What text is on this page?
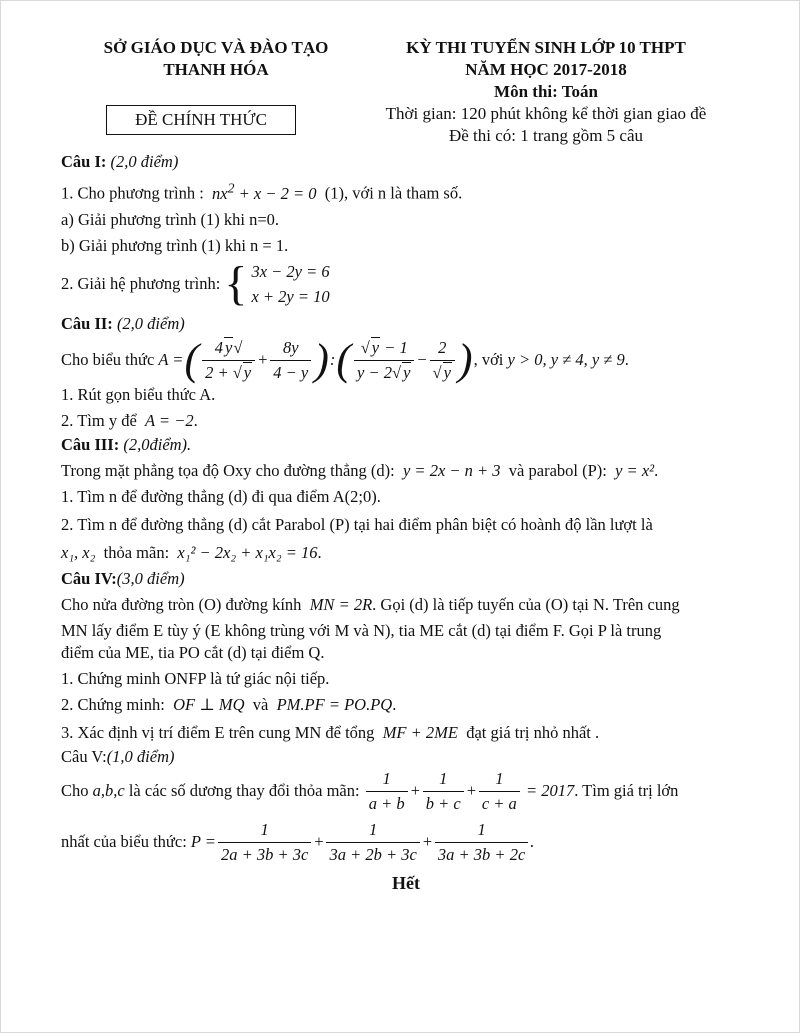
SỞ GIÁO DỤC VÀ ĐÀO TẠO
THANH HÓA
ĐỀ CHÍNH THỨC
KỲ THI TUYỂN SINH LỚP 10 THPT
NĂM HỌC 2017-2018
Môn thi: Toán
Thời gian: 120 phút không kể thời gian giao đề
Đề thi có: 1 trang gồm 5 câu
Câu I: (2,0 điểm)
1. Cho phương trình :  $nx^2 + x - 2 = 0$  (1), với n là tham số.
a) Giải phương trình (1) khi n=0.
b) Giải phương trình (1) khi n = 1.
2. Giải hệ phương trình:
{ 3x − 2y = 6
x + 2y = 10
Câu II: (2,0 điểm)
Cho biểu thức
A = ( $\frac{4 y√}{2 + √ y} + \frac{8y}{4 - y}$ ) : ( $\frac{√ y - 1}{y - 2√ y} - \frac{2}{√ y}$ ) , với
y > 0, y ≠ 4, y ≠ 9 .
1. Rút gọn biểu thức A.
2. Tìm y để A = −2.
Câu III: (2,0điểm).
Trong mặt phẳng tọa độ Oxy cho đường thẳng (d): y = 2x − n + 3 và parabol (P): y = x².
1. Tìm n để đường thẳng (d) đi qua điểm A(2;0).
2. Tìm n để đường thẳng (d) cắt Parabol (P) tại hai điểm phân biệt có hoành độ lần lượt là
x₁, x₂ thỏa mãn: x₁² − 2x₂ + x₁x₂ = 16.
Câu IV:(3,0 điểm)
Cho nửa đường tròn (O) đường kính MN = 2R. Gọi (d) là tiếp tuyến của (O) tại N. Trên cung
MN lấy điểm E tùy ý (E không trùng với M và N), tia ME cắt (d) tại điểm F. Gọi P là trung
điểm của ME, tia PO cắt (d) tại điểm Q.
1. Chứng minh ONFP là tứ giác nội tiếp.
2. Chứng minh: OF ⊥ MQ và PM.PF = PO.PQ.
3. Xác định vị trí điểm E trên cung MN để tổng MF + 2ME đạt giá trị nhỏ nhất .
Câu V:(1,0 điểm)
Cho
a,b,c
là các số dương thay đổi thỏa mãn:
$\frac{1}{a + b} + \frac{1}{b + c} + \frac{1}{c + a} = 2017$ . Tìm giá trị lớn
nhất của biểu thức:
$P = \frac{1}{2a + 3b + 3c} + \frac{1}{3a + 2b + 3c} + \frac{1}{3a + 3b + 2c}$ .
Hết
